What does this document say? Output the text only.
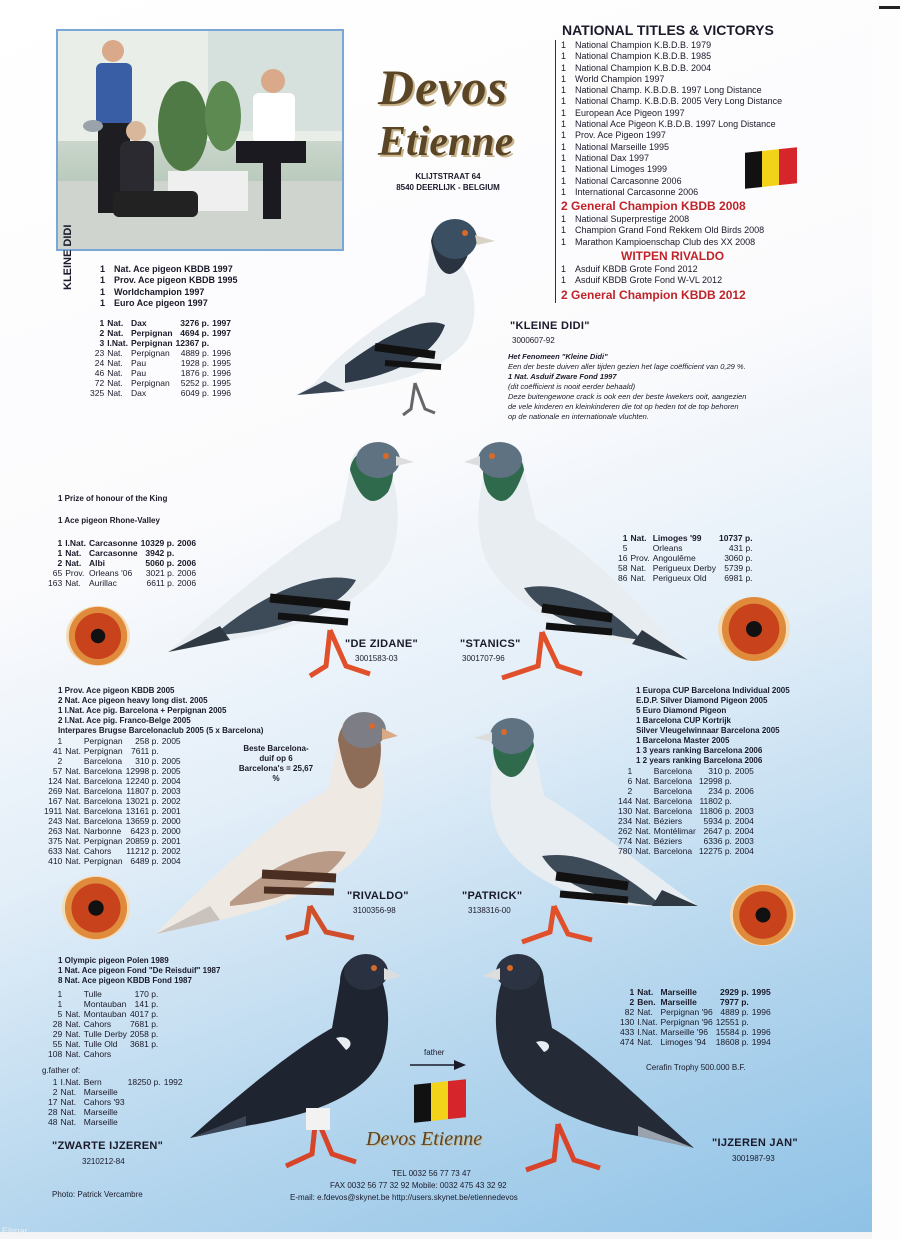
Devos
Etienne
KLIJTSTRAAT 64
8540 DEERLIJK - BELGIUM
NATIONAL TITLES & VICTORYS
1 National Champion K.B.D.B. 1979
1 National Champion K.B.D.B. 1985
1 National Champion K.B.D.B. 2004
1 World Champion 1997
1 National Champ. K.B.D.B. 1997 Long Distance
1 National Champ. K.B.D.B. 2005 Very Long Distance
1 European Ace Pigeon 1997
1 National Ace Pigeon K.B.D.B. 1997 Long Distance
1 Prov. Ace Pigeon 1997
1 National Marseille 1995
1 National Dax 1997
1 National Limoges 1999
1 National Carcasonne 2006
1 International Carcasonne 2006
2 General Champion KBDB 2008
1 National Superprestige 2008
1 Champion Grand Fond Rekkem Old Birds 2008
1 Marathon Kampioenschap Club des XX 2008
WITPEN RIVALDO
1 Asduif KBDB Grote Fond 2012
1 Asduif KBDB Grote Fond W-VL 2012
2 General Champion KBDB 2012
KLEINE DIDI	1 Nat. Ace pigeon KBDB 1997
1 Prov. Ace pigeon KBDB 1995
1 Worldchampion 1997
1 Euro Ace pigeon 1997
1	Nat.	Dax	3276 p.	1997
2	Nat.	Perpignan	4694 p.	1997
3	I.Nat.	Perpignan	12367 p.	
23	Nat.	Perpignan	4889 p.	1996
24	Nat.	Pau	1928 p.	1995
46	Nat.	Pau	1876 p.	1996
72	Nat.	Perpignan	5252 p.	1995
325	Nat.	Dax	6049 p.	1996
"KLEINE DIDI"
3000607-92
Het Fenomeen "Kleine Didi"
Een der beste duiven aller tijden gezien het lage coëfficient van 0,29 %.
1 Nat. Asduif Zware Fond 1997
(dit coëfficient is nooit eerder behaald)
Deze buitengewone crack is ook een der beste kwekers ooit, aangezien
de vele kinderen en kleinkinderen die tot op heden tot de top behoren
op de nationale en internationale vluchten.
1 Prize of honour of the King
1 Ace pigeon Rhone-Valley
1	I.Nat.	Carcasonne	10329 p.	2006
1	Nat.	Carcasonne	3942 p.	
2	Nat.	Albi	5060 p.	2006
65	Prov.	Orleans '06	3021 p.	2006
163	Nat.	Aurillac	6611 p.	2006
"DE ZIDANE"
3001583-03
"STANICS"
3001707-96
1	Nat.	Limoges '99	10737 p.
5		Orleans	431 p.
16	Prov.	Angoulême	3060 p.
58	Nat.	Perigueux Derby	5739 p.
86	Nat.	Perigueux Old	6981 p.
1 Prov. Ace pigeon KBDB 2005
2 Nat. Ace pigeon heavy long dist. 2005
1 I.Nat. Ace pig. Barcelona + Perpignan 2005
2 I.Nat. Ace pig. Franco-Belge 2005
Interpares Brugse Barcelonaclub 2005 (5 x Barcelona)
1		Perpignan	258 p.	2005
41	Nat.	Perpignan	7611 p.	
2		Barcelona	310 p.	2005
57	Nat.	Barcelona	12998 p.	2005
124	Nat.	Barcelona	12240 p.	2004
269	Nat.	Barcelona	11807 p.	2003
167	Nat.	Barcelona	13021 p.	2002
1911	Nat.	Barcelona	13161 p.	2001
243	Nat.	Barcelona	13659 p.	2000
263	Nat.	Narbonne	6423 p.	2000
375	Nat.	Perpignan	20859 p.	2001
633	Nat.	Cahors	11212 p.	2002
410	Nat.	Perpignan	6489 p.	2004
Beste Barcelona-duif op 6 Barcelona's = 25,67 %
"RIVALDO"
3100356-98
"PATRICK"
3138316-00
1 Europa CUP Barcelona Individual 2005
E.D.P. Silver Diamond Pigeon 2005
5 Euro Diamond Pigeon
1 Barcelona CUP Kortrijk
Silver Vleugelwinnaar Barcelona 2005
1 Barcelona Master 2005
1 3 years ranking Barcelona 2006
1 2 years ranking Barcelona 2006
1		Barcelona	310 p.	2005
6	Nat.	Barcelona	12998 p.	
2		Barcelona	234 p.	2006
144	Nat.	Barcelona	11802 p.	
130	Nat.	Barcelona	11806 p.	2003
234	Nat.	Béziers	5934 p.	2004
262	Nat.	Montélimar	2647 p.	2004
774	Nat.	Béziers	6336 p.	2003
780	Nat.	Barcelona	12275 p.	2004
1 Olympic pigeon Polen 1989
1 Nat. Ace pigeon Fond "De Reisduif" 1987
8 Nat. Ace pigeon KBDB Fond 1987
1		Tulle	170 p.
1		Montauban	141 p.
5	Nat.	Montauban	4017 p.
28	Nat.	Cahors	7681 p.
29	Nat.	Tulle Derby	2058 p.
55	Nat.	Tulle Old	3681 p.
108	Nat.	Cahors	
g.father of:
1	I.Nat.	Bern	18250 p.	1992
2	Nat.	Marseille		
17	Nat.	Cahors '93		
28	Nat.	Marseille		
48	Nat.	Marseille		
"ZWARTE IJZEREN"
3210212-84
father
"IJZEREN JAN"
3001987-93
1	Nat.	Marseille	2929 p.	1995
2	Ben.	Marseille	7977 p.	
82	Nat.	Perpignan '96	4889 p.	1996
130	I.Nat.	Perpignan '96	12551 p.	
433	I.Nat.	Marseille '96	15584 p.	1996
474	Nat.	Limoges '94	18608 p.	1994
Cerafin Trophy 500.000 B.F.
Devos Etienne
TEL 0032 56 77 73 47
FAX 0032 56 77 32 92 Mobile: 0032 475 43 32 92
E-mail: e.fdevos@skynet.be http://users.skynet.be/etiennedevos
Photo: Patrick Vercambre
Elimar
